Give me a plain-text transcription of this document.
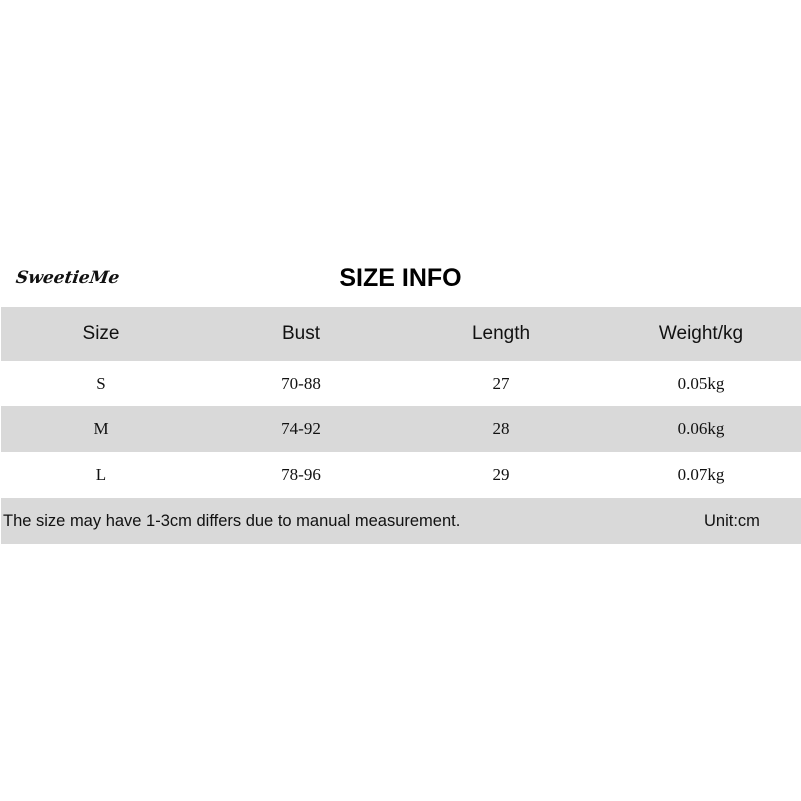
SweetieMe	SIZE INFO
Size	Bust	Length	Weight/kg
S	70-88	27	0.05kg
M	74-92	28	0.06kg
L	78-96	29	0.07kg
The size may have 1-3cm differs due to manual measurement.	Unit:cm
